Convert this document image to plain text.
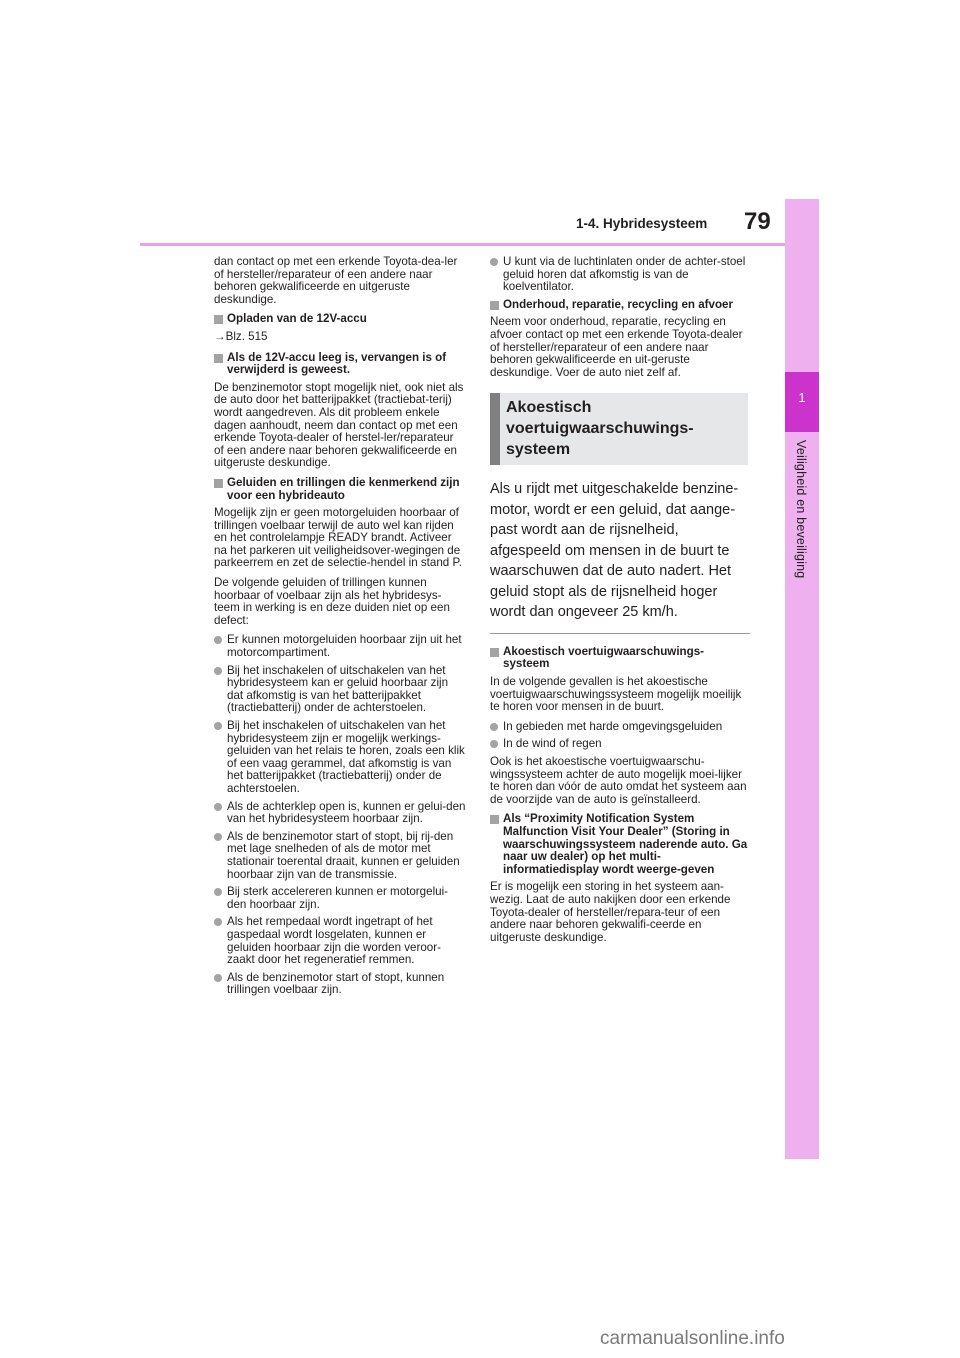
1-4. Hybridesysteem 79
1
Veiligheid en beveiliging

dan contact op met een erkende Toyota-dea-ler of hersteller/reparateur of een andere naar behoren gekwalificeerde en uitgeruste deskundige.

Opladen van de 12V-accu

→Blz. 515

Als de 12V-accu leeg is, vervangen is of verwijderd is geweest.

De benzinemotor stopt mogelijk niet, ook niet als de auto door het batterijpakket (tractiebat-terij) wordt aangedreven. Als dit probleem enkele dagen aanhoudt, neem dan contact op met een erkende Toyota-dealer of herstel-ler/reparateur of een andere naar behoren gekwalificeerde en uitgeruste deskundige.

Geluiden en trillingen die kenmerkend zijn voor een hybrideauto

Mogelijk zijn er geen motorgeluiden hoorbaar of trillingen voelbaar terwijl de auto wel kan rijden en het controlelampje READY brandt. Activeer na het parkeren uit veiligheidsover-wegingen de parkeerrem en zet de selectie-hendel in stand P.

De volgende geluiden of trillingen kunnen hoorbaar of voelbaar zijn als het hybridesys-teem in werking is en deze duiden niet op een defect:

Er kunnen motorgeluiden hoorbaar zijn uit het motorcompartiment.
Bij het inschakelen of uitschakelen van het hybridesysteem kan er geluid hoorbaar zijn dat afkomstig is van het batterijpakket (tractiebatterij) onder de achterstoelen.
Bij het inschakelen of uitschakelen van het hybridesysteem zijn er mogelijk werkings-geluiden van het relais te horen, zoals een klik of een vaag gerammel, dat afkomstig is van het batterijpakket (tractiebatterij) onder de achterstoelen.
Als de achterklep open is, kunnen er gelui-den van het hybridesysteem hoorbaar zijn.
Als de benzinemotor start of stopt, bij rij-den met lage snelheden of als de motor met stationair toerental draait, kunnen er geluiden hoorbaar zijn van de transmissie.
Bij sterk accelereren kunnen er motorgelui-den hoorbaar zijn.
Als het rempedaal wordt ingetrapt of het gaspedaal wordt losgelaten, kunnen er geluiden hoorbaar zijn die worden veroor-zaakt door het regeneratief remmen.
Als de benzinemotor start of stopt, kunnen trillingen voelbaar zijn.
U kunt via de luchtinlaten onder de achter-stoel geluid horen dat afkomstig is van de koelventilator.
Onderhoud, reparatie, recycling en afvoer

Neem voor onderhoud, reparatie, recycling en afvoer contact op met een erkende Toyota-dealer of hersteller/reparateur of een andere naar behoren gekwalificeerde en uit-geruste deskundige. Voer de auto niet zelf af.

Akoestisch
voertuigwaarschuwings-
systeem

Als u rijdt met uitgeschakelde benzine-motor, wordt er een geluid, dat aange-past wordt aan de rijsnelheid, afgespeeld om mensen in de buurt te waarschuwen dat de auto nadert. Het geluid stopt als de rijsnelheid hoger wordt dan ongeveer 25 km/h.

Akoestisch voertuigwaarschuwings-systeem

In de volgende gevallen is het akoestische voertuigwaarschuwingssysteem mogelijk moeilijk te horen voor mensen in de buurt.

In gebieden met harde omgevingsgeluiden
In de wind of regen

Ook is het akoestische voertuigwaarschu-wingssysteem achter de auto mogelijk moei-lijker te horen dan vóór de auto omdat het systeem aan de voorzijde van de auto is geïnstalleerd.

Als “Proximity Notification System Malfunction Visit Your Dealer” (Storing in waarschuwingssysteem naderende auto. Ga naar uw dealer) op het multi-informatiedisplay wordt weerge-geven

Er is mogelijk een storing in het systeem aan-wezig. Laat de auto nakijken door een erkende Toyota-dealer of hersteller/repara-teur of een andere naar behoren gekwalifi-ceerde en uitgeruste deskundige.

carmanualsonline.info
